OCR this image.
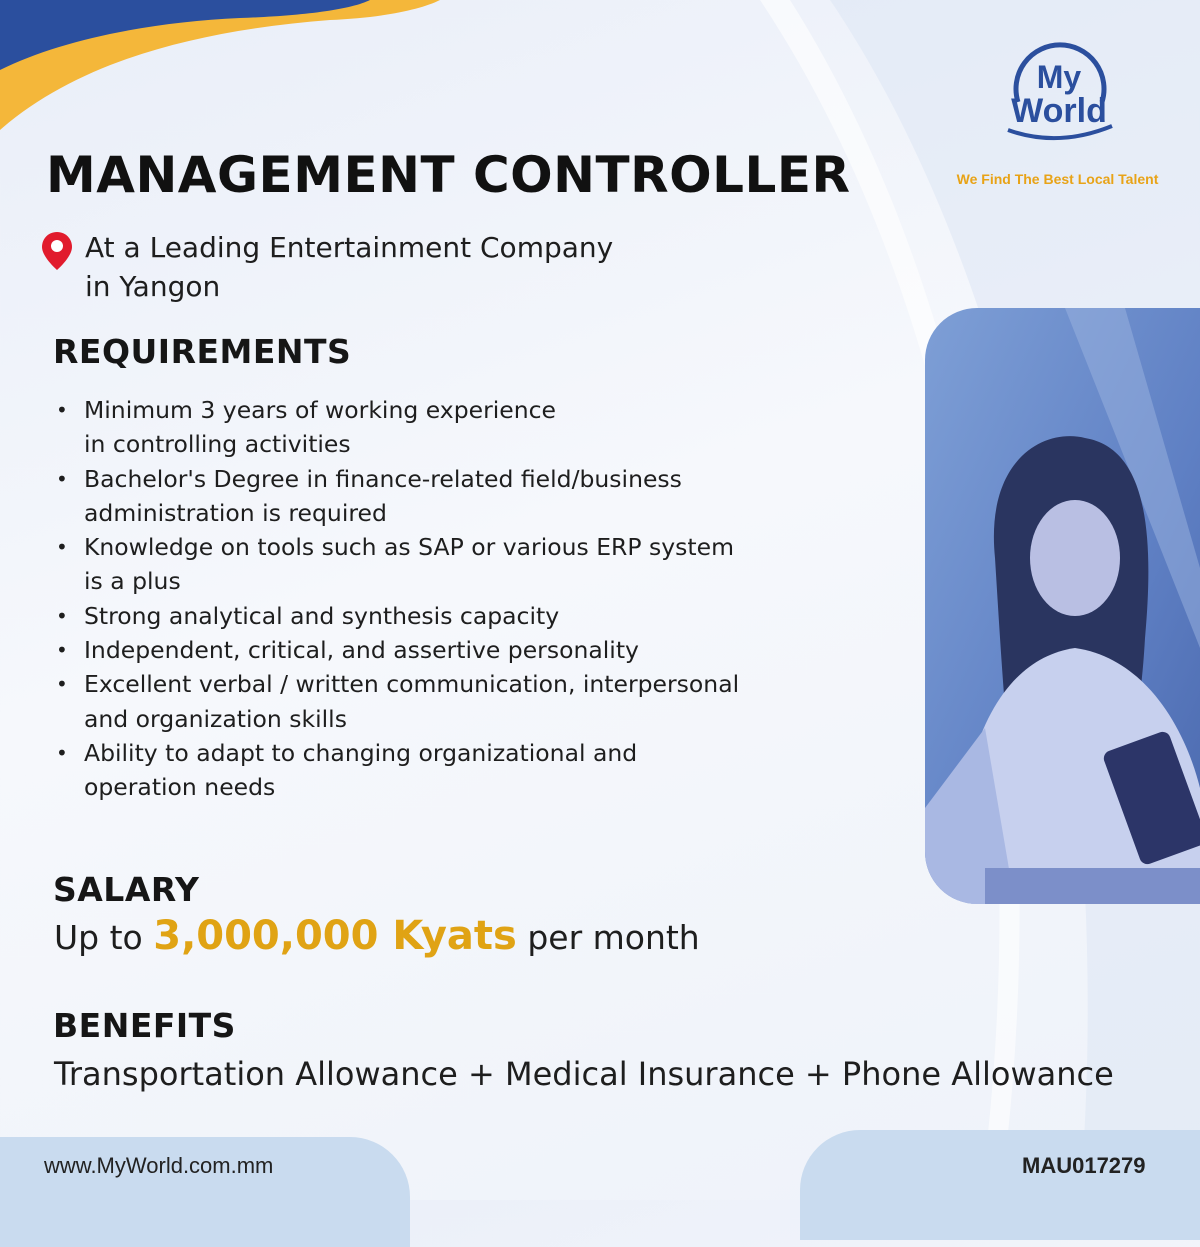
My
World
We Find The Best Local Talent
MANAGEMENT CONTROLLER
At a Leading Entertainment Company
in Yangon
REQUIREMENTS
• Minimum 3 years of working experience
in controlling activities
• Bachelor's Degree in finance-related field/business
administration is required
• Knowledge on tools such as SAP or various ERP system
is a plus
• Strong analytical and synthesis capacity
• Independent, critical, and assertive personality
• Excellent verbal / written communication, interpersonal
and organization skills
• Ability to adapt to changing organizational and
operation needs
SALARY
Up to 3,000,000 Kyats per month
BENEFITS
Transportation Allowance + Medical Insurance + Phone Allowance
www.MyWorld.com.mm	MAU017279
